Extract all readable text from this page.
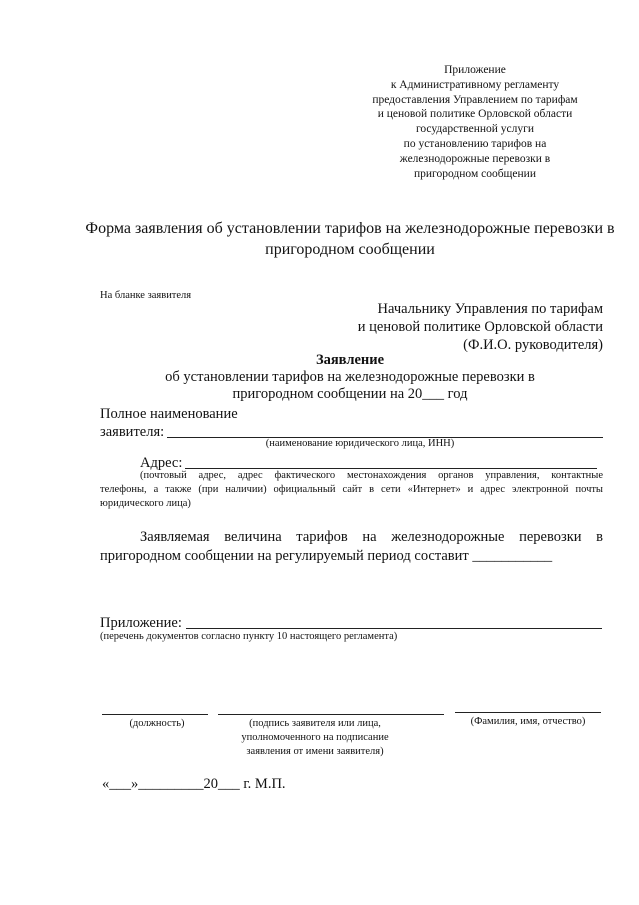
Приложение
к Административному регламенту
предоставления Управлением по тарифам
и ценовой политике Орловской области
государственной услуги
по установлению тарифов на
железнодорожные перевозки в
пригородном сообщении
Форма заявления об установлении тарифов на железнодорожные перевозки в
пригородном сообщении
На бланке заявителя
Начальнику Управления по тарифам
и ценовой политике Орловской области
(Ф.И.О. руководителя)
Заявление
об установлении тарифов на железнодорожные перевозки в
пригородном сообщении на 20___ год
Полное наименование
заявителя:
(наименование юридического лица, ИНН)
Адрес:
(почтовый адрес, адрес фактического местонахождения органов управления, контактные
телефоны, а также (при наличии) официальный сайт в сети «Интернет» и адрес электронной почты
юридического лица)
Заявляемая величина тарифов на железнодорожные перевозки в
пригородном сообщении на регулируемый период составит ___________
Приложение:
(перечень документов согласно пункту 10 настоящего регламента)
(должность)	(подпись заявителя или лица,
уполномоченного на подписание
заявления от имени заявителя)
(Фамилия, имя, отчество)
«___»_________20___ г. М.П.
